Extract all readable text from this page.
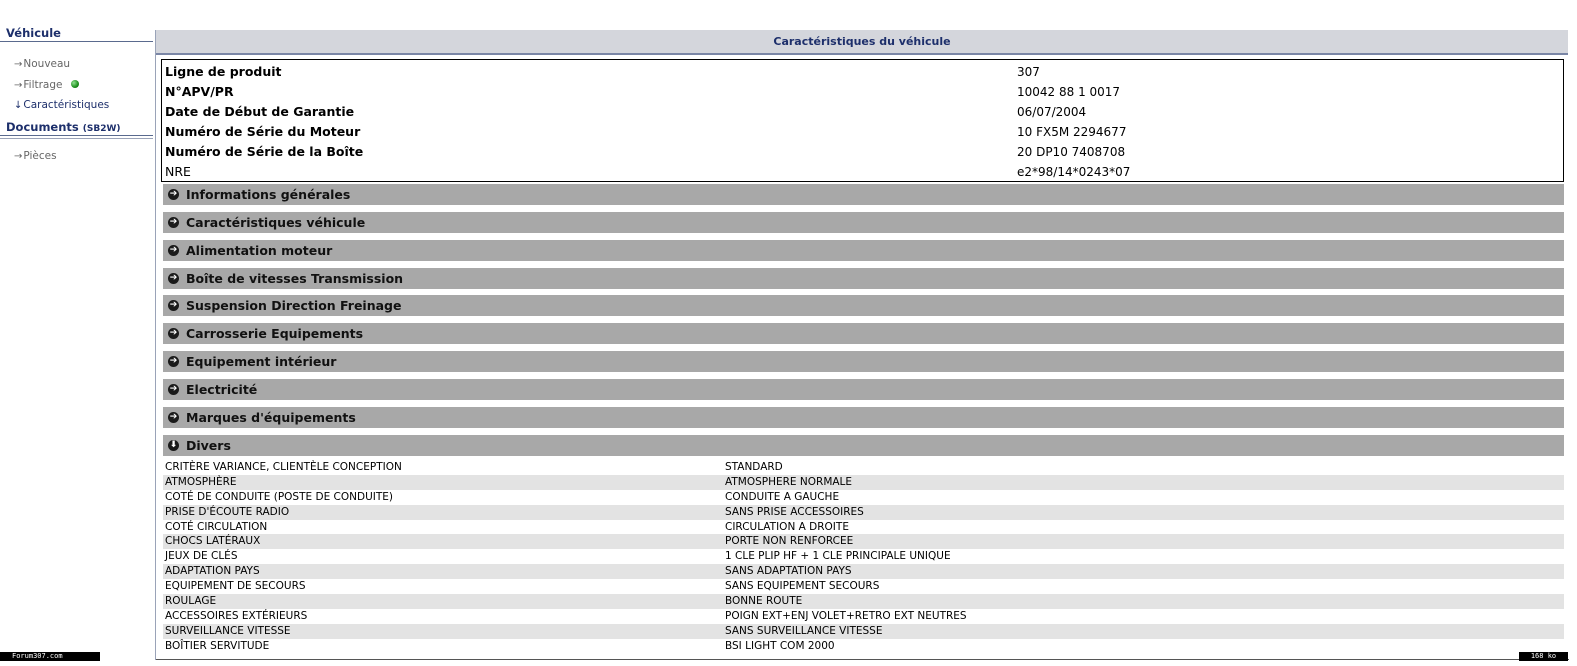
Véhicule
→Nouveau
→Filtrage
↓Caractéristiques
Documents (SB2W)
→Pièces
Caractéristiques du véhicule
Ligne de produit	307
N°APV/PR	10042 88 1 0017
Date de Début de Garantie	06/07/2004
Numéro de Série du Moteur	10 FX5M 2294677
Numéro de Série de la Boîte	20 DP10 7408708
NRE	e2*98/14*0243*07
➔ Informations générales
➔ Caractéristiques véhicule
➔ Alimentation moteur
➔ Boîte de vitesses Transmission
➔ Suspension Direction Freinage
➔ Carrosserie Equipements
➔ Equipement intérieur
➔ Electricité
➔ Marques d'équipements
⬇ Divers
CRITÈRE VARIANCE, CLIENTÈLE CONCEPTION	STANDARD
ATMOSPHÈRE	ATMOSPHERE NORMALE
COTÉ DE CONDUITE (POSTE DE CONDUITE)	CONDUITE A GAUCHE
PRISE D'ÉCOUTE RADIO	SANS PRISE ACCESSOIRES
COTÉ CIRCULATION	CIRCULATION A DROITE
CHOCS LATÉRAUX	PORTE NON RENFORCEE
JEUX DE CLÉS	1 CLE PLIP HF + 1 CLE PRINCIPALE UNIQUE
ADAPTATION PAYS	SANS ADAPTATION PAYS
EQUIPEMENT DE SECOURS	SANS EQUIPEMENT SECOURS
ROULAGE	BONNE ROUTE
ACCESSOIRES EXTÉRIEURS	POIGN EXT+ENJ VOLET+RETRO EXT NEUTRES
SURVEILLANCE VITESSE	SANS SURVEILLANCE VITESSE
BOÎTIER SERVITUDE	BSI LIGHT COM 2000
Forum307.com	168 ko
